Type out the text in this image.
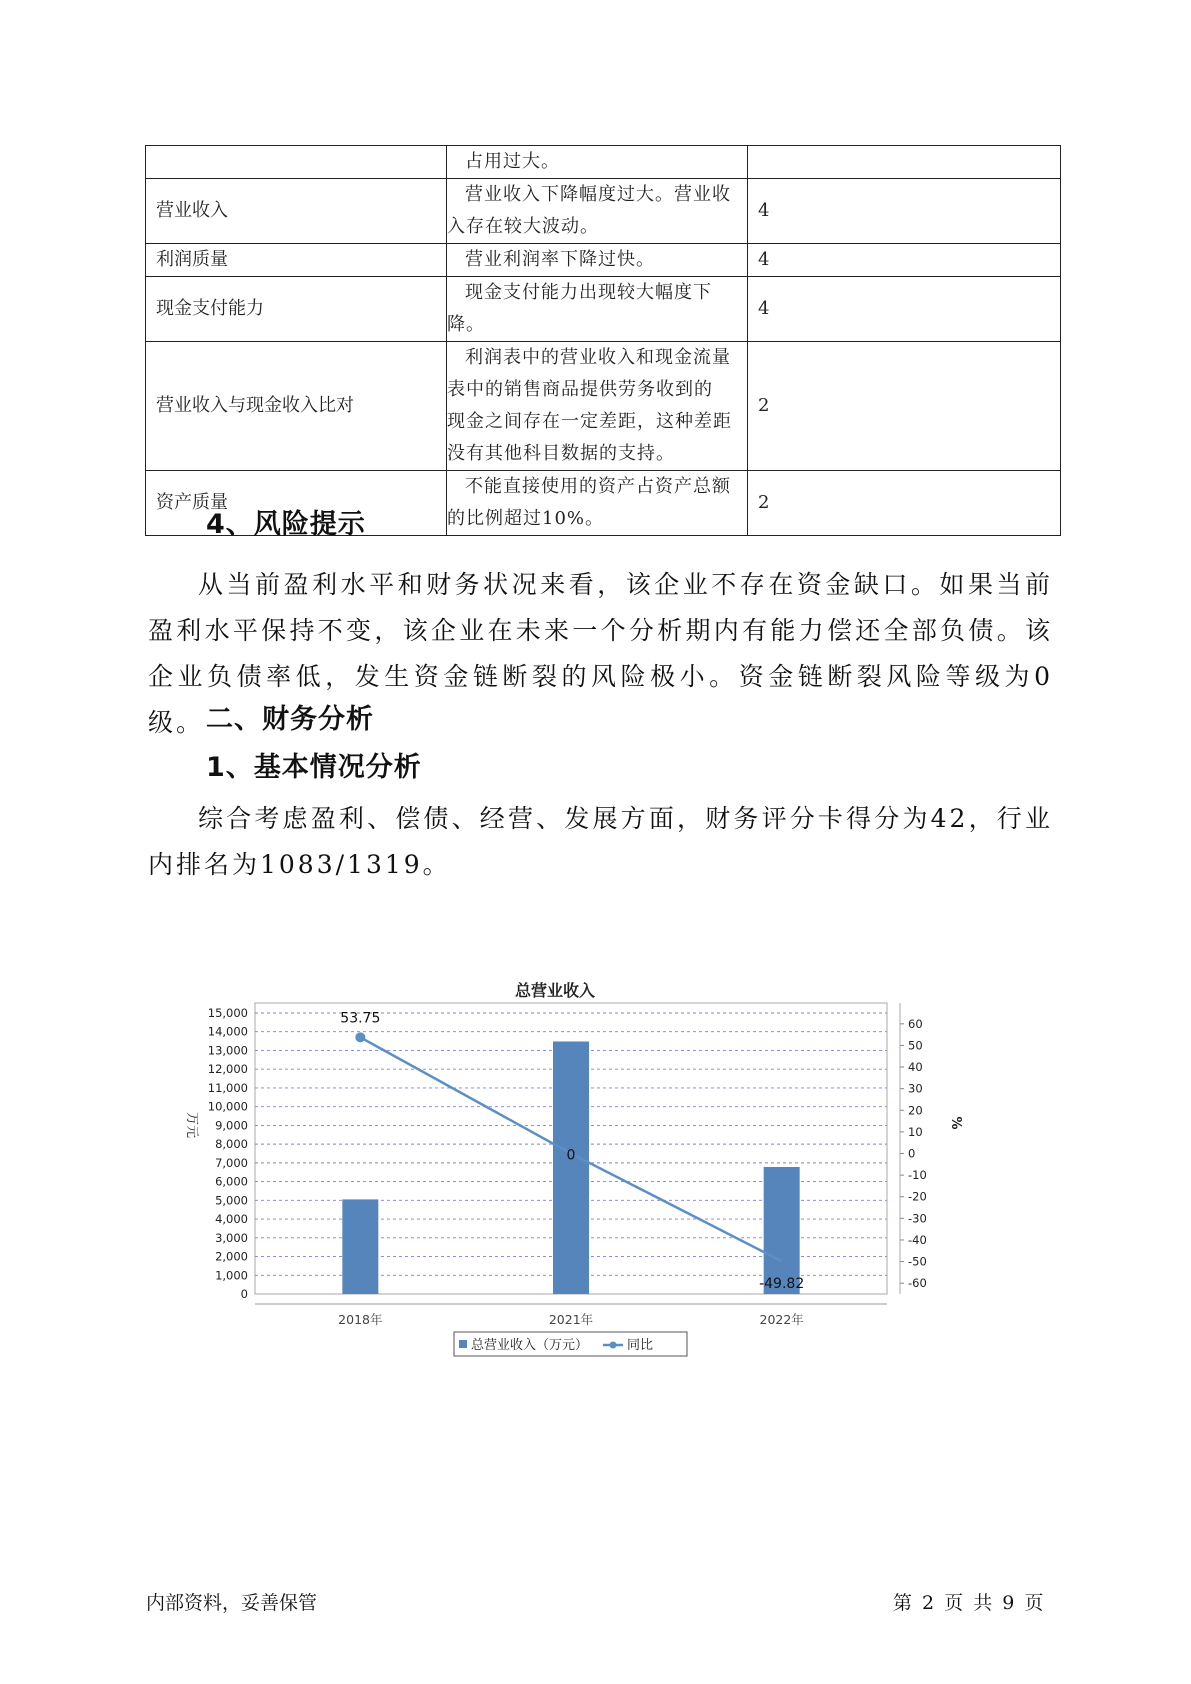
	占用过大。	

营业收入	营业收入下降幅度过大。营业收
入存在较大波动。	4
利润质量	营业利润率下降过快。	4
现金支付能力	现金支付能力出现较大幅度下降。	4
营业收入与现金收入比对	利润表中的营业收入和现金流量
表中的销售商品提供劳务收到的
现金之间存在一定差距，这种差距
没有其他科目数据的支持。	2
资产质量	不能直接使用的资产占资产总额
的比例超过10%。	2
4、风险提示
从当前盈利水平和财务状况来看，该企业不存在资金缺口。如果当前盈利水平保持不变，该企业在未来一个分析期内有能力偿还全部负债。该企业负债率低，发生资金链断裂的风险极小。资金链断裂风险等级为0级。 二、财务分析
1、基本情况分析
综合考虑盈利、偿债、经营、发展方面，财务评分卡得分为42，行业内排名为1083/1319。
总营业收入
0
1,000
2,000
3,000
4,000
5,000
6,000
7,000
8,000
9,000
10,000
11,000
12,000
13,000
14,000
15,000
60
50
40
30
20
10
0
-10
-20
-30
-40
-50
-60
2018年	2021年	2022年
万元	%
53.75
0
-49.82
总营业收入（万元）	同比
内部资料，妥善保管	第 2 页 共 9 页
